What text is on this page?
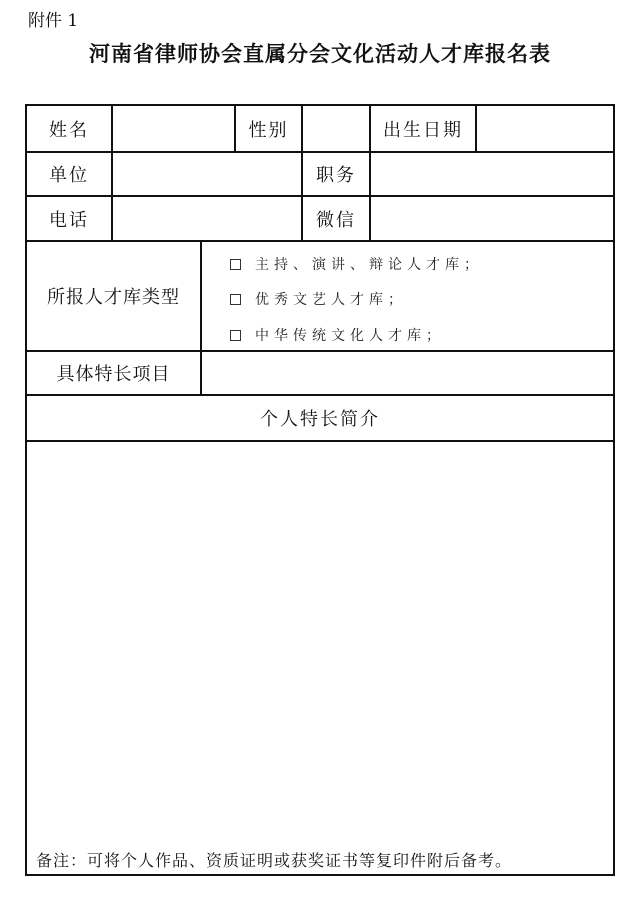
附件 1
河南省律师协会直属分会文化活动人才库报名表
姓名	性别	出生日期
单位	职务
电话	微信
所报人才库类型
主持、演讲、辩论人才库；
优秀文艺人才库；
中华传统文化人才库；
具体特长项目
个人特长简介
备注：可将个人作品、资质证明或获奖证书等复印件附后备考。
